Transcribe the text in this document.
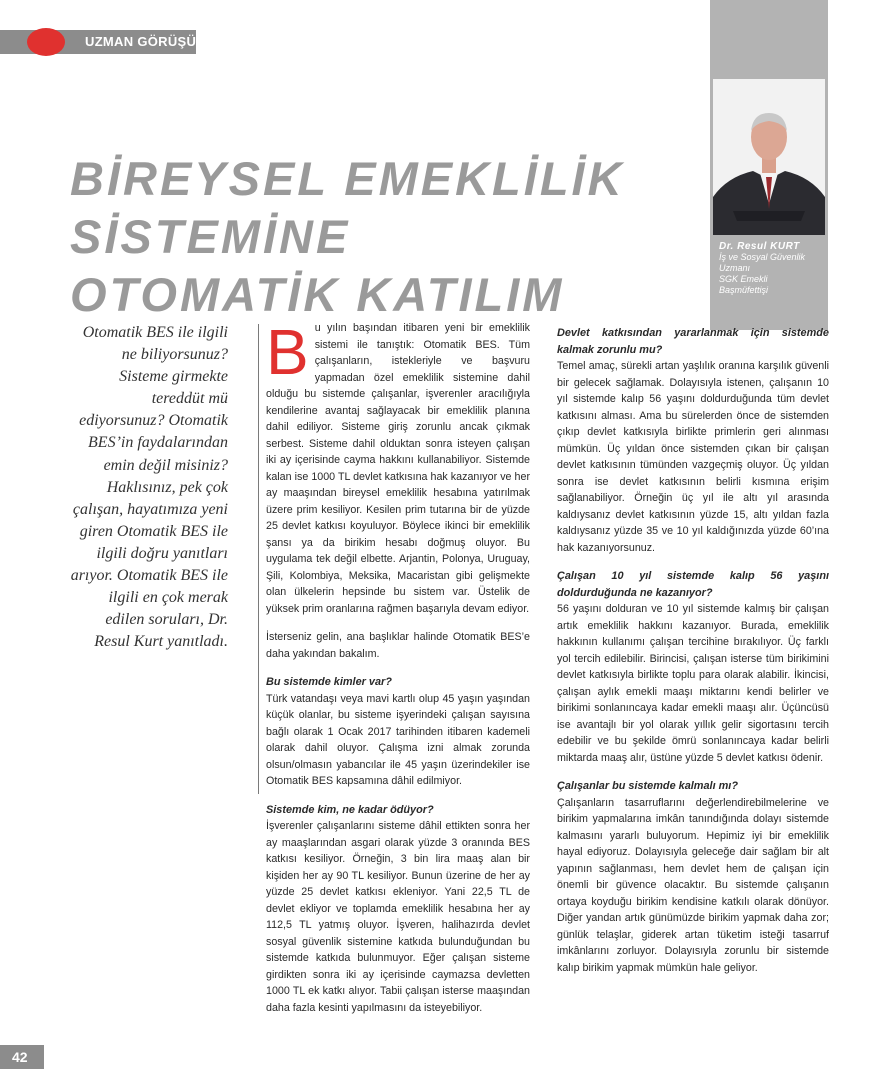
UZMAN GÖRÜŞÜ
Dr. Resul KURT
İş ve Sosyal Güvenlik
Uzmanı
SGK Emekli
Başmüfettişi
BİREYSEL EMEKLİLİK
SİSTEMİNE
OTOMATİK KATILIM

Otomatik BES ile ilgili ne biliyorsunuz? Sisteme girmekte tereddüt mü ediyorsunuz? Otomatik BES’in faydalarından emin değil misiniz? Haklısınız, pek çok çalışan, hayatımıza yeni giren Otomatik BES ile ilgili doğru yanıtları arıyor. Otomatik BES ile ilgili en çok merak edilen soruları, Dr. Resul Kurt yanıtladı.

Bu yılın başından itibaren yeni bir emeklilik sistemi ile tanıştık: Otomatik BES. Tüm çalışanların, istekleriyle ve başvuru yapmadan özel emeklilik sistemine dahil olduğu bu sistemde çalışanlar, işverenler aracılığıyla kendilerine avantaj sağlayacak bir emeklilik planına dahil ediliyor. Sisteme giriş zorunlu ancak çıkmak serbest. Sisteme dahil olduktan sonra isteyen çalışan iki ay içerisinde cayma hakkını kullanabiliyor. Sistemde kalan ise 1000 TL devlet katkısına hak kazanıyor ve her ay maaşından bireysel emeklilik hesabına yatırılmak üzere prim kesiliyor. Kesilen prim tutarına bir de yüzde 25 devlet katkısı koyuluyor. Böylece ikinci bir emeklilik şansı ya da birikim hesabı doğmuş oluyor. Bu uygulama tek değil elbette. Arjantin, Polonya, Uruguay, Şili, Kolombiya, Meksika, Macaristan gibi gelişmekte olan ülkelerin hepsinde bu sistem var. Üstelik de yüksek prim oranlarına rağmen başarıyla devam ediyor.

İsterseniz gelin, ana başlıklar halinde Otomatik BES’e daha yakından bakalım.

Bu sistemde kimler var?

Türk vatandaşı veya mavi kartlı olup 45 yaşın yaşından küçük olanlar, bu sisteme işyerindeki çalışan sayısına bağlı olarak 1 Ocak 2017 tarihinden itibaren kademeli olarak dahil oluyor. Çalışma izni almak zorunda olsun/olmasın yabancılar ile 45 yaşın üzerindekiler ise Otomatik BES kapsamına dâhil edilmiyor.

Sistemde kim, ne kadar ödüyor?

İşverenler çalışanlarını sisteme dâhil ettikten sonra her ay maaşlarından asgari olarak yüzde 3 oranında BES katkısı kesiliyor. Örneğin, 3 bin lira maaş alan bir kişiden her ay 90 TL kesiliyor. Bunun üzerine de her ay yüzde 25 devlet katkısı ekleniyor. Yani 22,5 TL de devlet ekliyor ve toplamda emeklilik hesabına her ay 112,5 TL yatmış oluyor. İşveren, halihazırda devlet sosyal güvenlik sistemine katkıda bulunduğundan bu sistemde katkıda bulunmuyor. Eğer çalışan sisteme girdikten sonra iki ay içerisinde caymazsa devletten 1000 TL ek katkı alıyor. Tabii çalışan isterse maaşından daha fazla kesinti yapılmasını da isteyebiliyor.

Devlet katkısından yararlanmak için sistemde kalmak zorunlu mu?

Temel amaç, sürekli artan yaşlılık oranına karşılık güvenli bir gelecek sağlamak. Dolayısıyla istenen, çalışanın 10 yıl sistemde kalıp 56 yaşını doldurduğunda tüm devlet katkısını alması. Ama bu sürelerden önce de sistemden çıkıp devlet katkısıyla birlikte primlerin geri alınması mümkün. Üç yıldan önce sistemden çıkan bir çalışan devlet katkısının tümünden vazgeçmiş oluyor. Üç yıldan sonra ise devlet katkısının belirli kısmına erişim sağlanabiliyor. Örneğin üç yıl ile altı yıl arasında kaldıysanız devlet katkısının yüzde 15, altı yıldan fazla kaldıysanız yüzde 35 ve 10 yıl kaldığınızda yüzde 60’ına hak kazanıyorsunuz.

Çalışan 10 yıl sistemde kalıp 56 yaşını doldurduğunda ne kazanıyor?

56 yaşını dolduran ve 10 yıl sistemde kalmış bir çalışan artık emeklilik hakkını kazanıyor. Burada, emeklilik hakkının kullanımı çalışan tercihine bırakılıyor. Üç farklı yol tercih edilebilir. Birincisi, çalışan isterse tüm birikimini devlet katkısıyla birlikte toplu para olarak alabilir. İkincisi, çalışan aylık emekli maaşı miktarını kendi belirler ve birikimi sonlanıncaya kadar emekli maaşı alır. Üçüncüsü ise avantajlı bir yol olarak yıllık gelir sigortasını tercih edebilir ve bu şekilde ömrü sonlanıncaya kadar belirli miktarda maaş alır, üstüne yüzde 5 devlet katkısı ödenir.

Çalışanlar bu sistemde kalmalı mı?

Çalışanların tasarruflarını değerlendirebilmelerine ve birikim yapmalarına imkân tanındığında dolayı sistemde kalmasını yararlı buluyorum. Hepimiz iyi bir emeklilik hayal ediyoruz. Dolayısıyla geleceğe dair sağlam bir alt yapının sağlanması, hem devlet hem de çalışan için önemli bir güvence olacaktır. Bu sistemde çalışanın ortaya koyduğu birikim kendisine katkılı olarak dönüyor. Diğer yandan artık günümüzde birikim yapmak daha zor; günlük telaşlar, giderek artan tüketim isteği tasarruf imkânlarını zorluyor. Dolayısıyla zorunlu bir sistemde kalıp birikim yapmak mümkün hale geliyor.

42
